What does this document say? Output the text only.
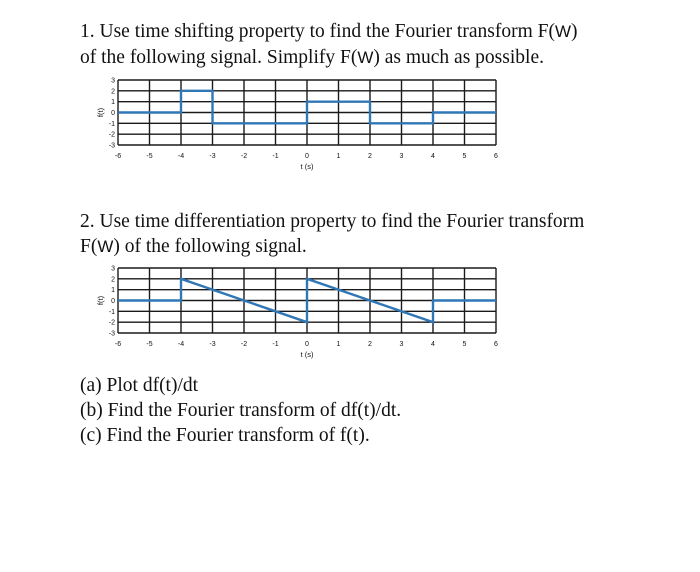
1. Use time shifting property to find the Fourier transform F(W)

of the following signal. Simplify F(W) as much as possible.

3
2
1
0
-1
-2
-3
-6	-5	-4	-3	-2	-1	0	1	2	3	4	5	6
t (s)
f(t)

2. Use time differentiation property to find the Fourier transform

F(W) of the following signal.

3
2
1
0
-1
-2
-3
-6	-5	-4	-3	-2	-1	0	1	2	3	4	5	6
t (s)
f(t)

(a) Plot df(t)/dt

(b) Find the Fourier transform of df(t)/dt.

(c) Find the Fourier transform of f(t).
